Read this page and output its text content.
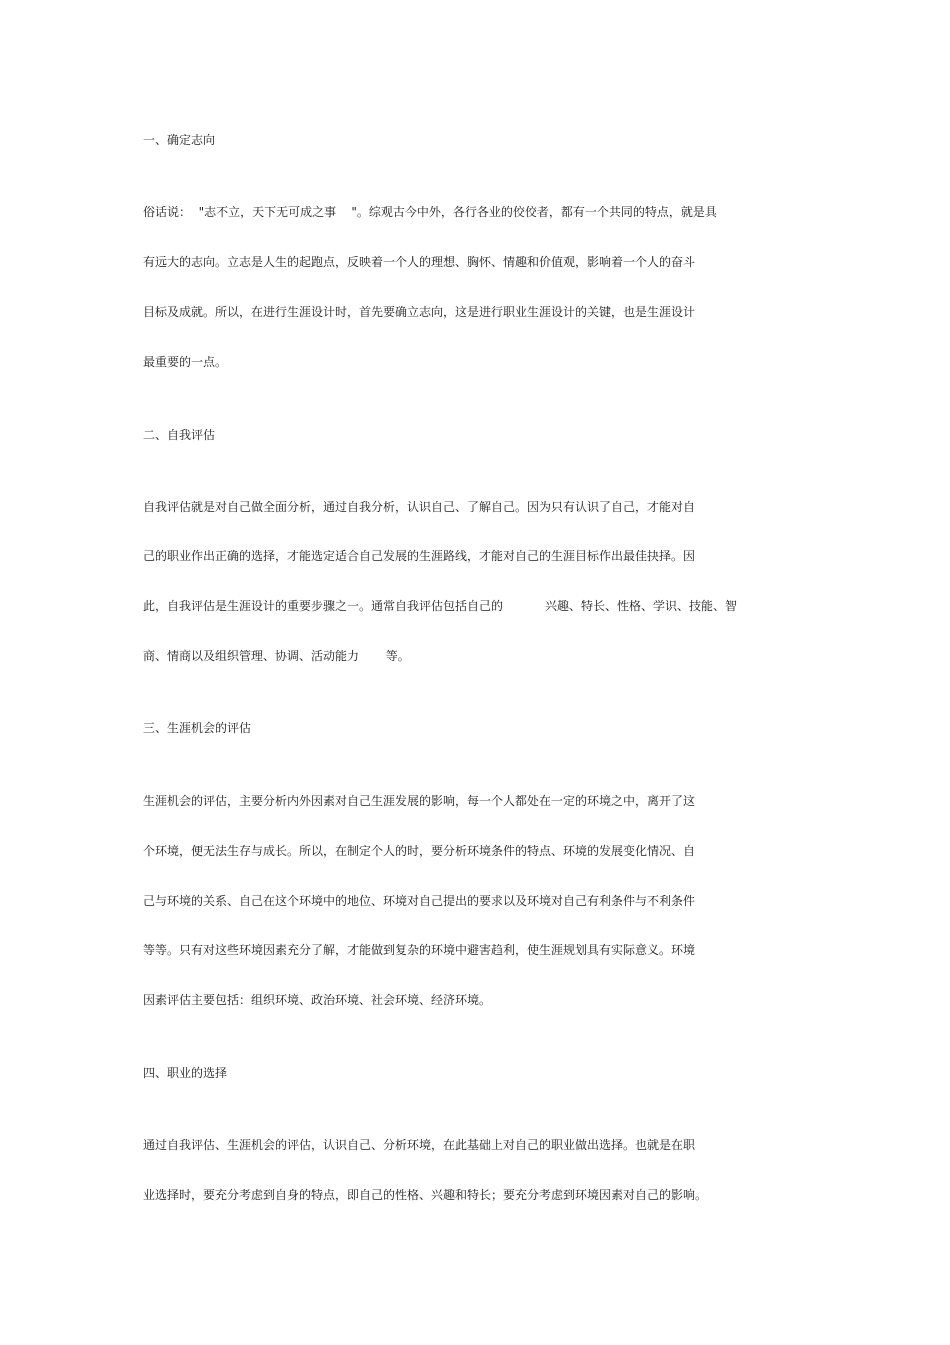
一、确定志向

俗话说：  "志不立，天下无可成之事    "。综观古今中外，各行各业的佼佼者，都有一个共同的特点，就是具

有远大的志向。立志是人生的起跑点，反映着一个人的理想、胸怀、情趣和价值观，影响着一个人的奋斗

目标及成就。所以，在进行生涯设计时，首先要确立志向，这是进行职业生涯设计的关键，也是生涯设计

最重要的一点。

二、自我评估

自我评估就是对自己做全面分析，通过自我分析，认识自己、了解自己。因为只有认识了自己，才能对自

己的职业作出正确的选择，才能选定适合自己发展的生涯路线，才能对自己的生涯目标作出最佳抉择。因

此，自我评估是生涯设计的重要步骤之一。通常自我评估包括自己的           兴趣、特长、性格、学识、技能、智

商、情商以及组织管理、协调、活动能力       等。

三、生涯机会的评估

生涯机会的评估，主要分析内外因素对自己生涯发展的影响，每一个人都处在一定的环境之中，离开了这

个环境，便无法生存与成长。所以，在制定个人的时，要分析环境条件的特点、环境的发展变化情况、自

己与环境的关系、自己在这个环境中的地位、环境对自己提出的要求以及环境对自己有利条件与不利条件

等等。只有对这些环境因素充分了解，才能做到复杂的环境中避害趋利，使生涯规划具有实际意义。环境

因素评估主要包括：组织环境、政治环境、社会环境、经济环境。

四、职业的选择

通过自我评估、生涯机会的评估，认识自己、分析环境，在此基础上对自己的职业做出选择。也就是在职

业选择时，要充分考虑到自身的特点，即自己的性格、兴趣和特长；要充分考虑到环境因素对自己的影响。
